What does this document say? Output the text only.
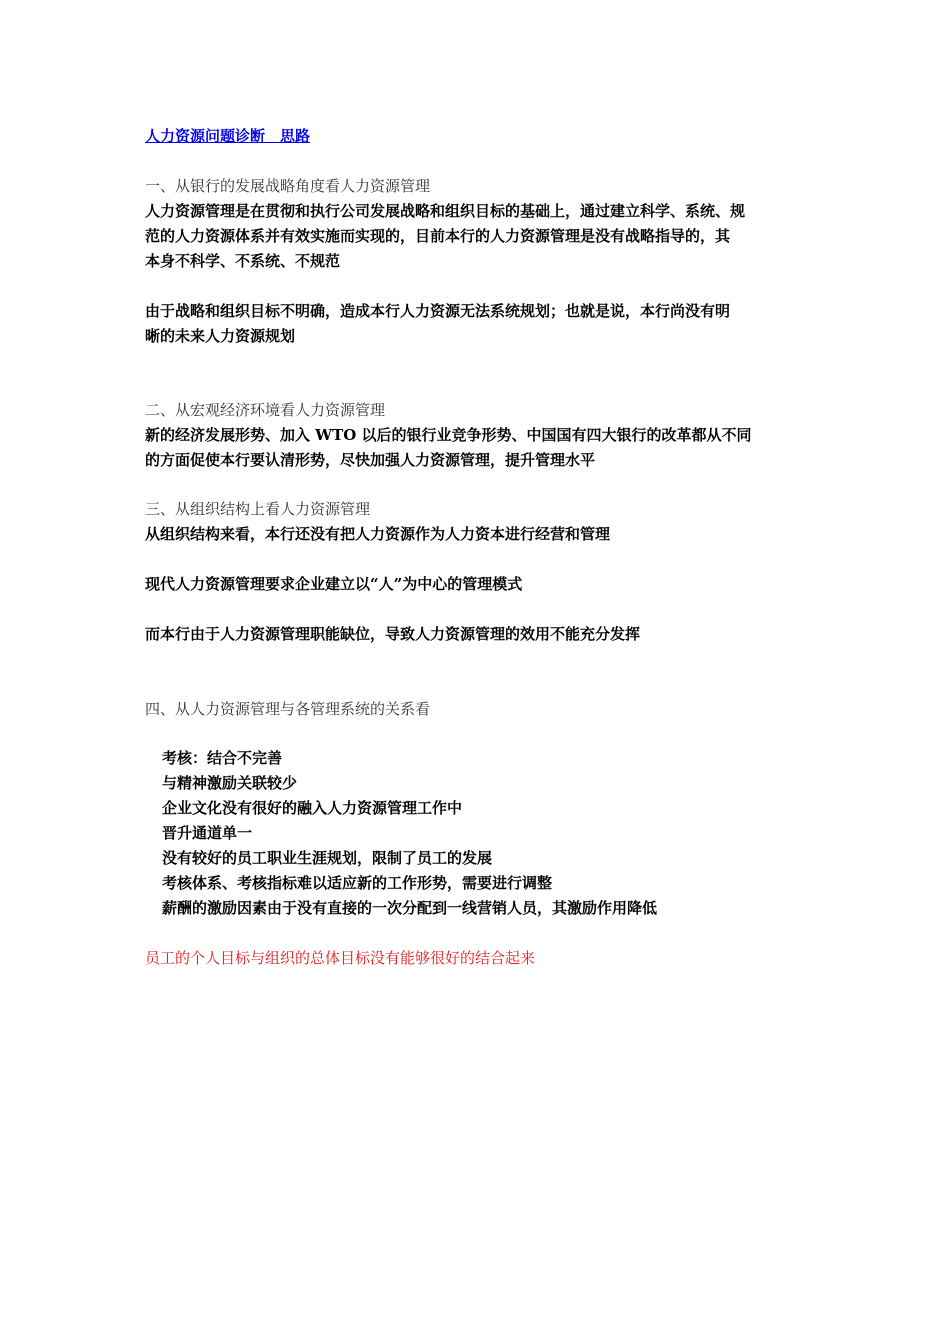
人力资源问题诊断　思路
一、从银行的发展战略角度看人力资源管理
人力资源管理是在贯彻和执行公司发展战略和组织目标的基础上，通过建立科学、系统、规
范的人力资源体系并有效实施而实现的，目前本行的人力资源管理是没有战略指导的，其
本身不科学、不系统、不规范
由于战略和组织目标不明确，造成本行人力资源无法系统规划；也就是说，本行尚没有明
晰的未来人力资源规划
二、从宏观经济环境看人力资源管理
新的经济发展形势、加入 WTO 以后的银行业竞争形势、中国国有四大银行的改革都从不同
的方面促使本行要认清形势，尽快加强人力资源管理，提升管理水平
三、从组织结构上看人力资源管理
从组织结构来看，本行还没有把人力资源作为人力资本进行经营和管理
现代人力资源管理要求企业建立以“人”为中心的管理模式
而本行由于人力资源管理职能缺位，导致人力资源管理的效用不能充分发挥
四、从人力资源管理与各管理系统的关系看
考核：结合不完善
与精神激励关联较少
企业文化没有很好的融入人力资源管理工作中
晋升通道单一
没有较好的员工职业生涯规划，限制了员工的发展
考核体系、考核指标难以适应新的工作形势，需要进行调整
薪酬的激励因素由于没有直接的一次分配到一线营销人员，其激励作用降低
员工的个人目标与组织的总体目标没有能够很好的结合起来
